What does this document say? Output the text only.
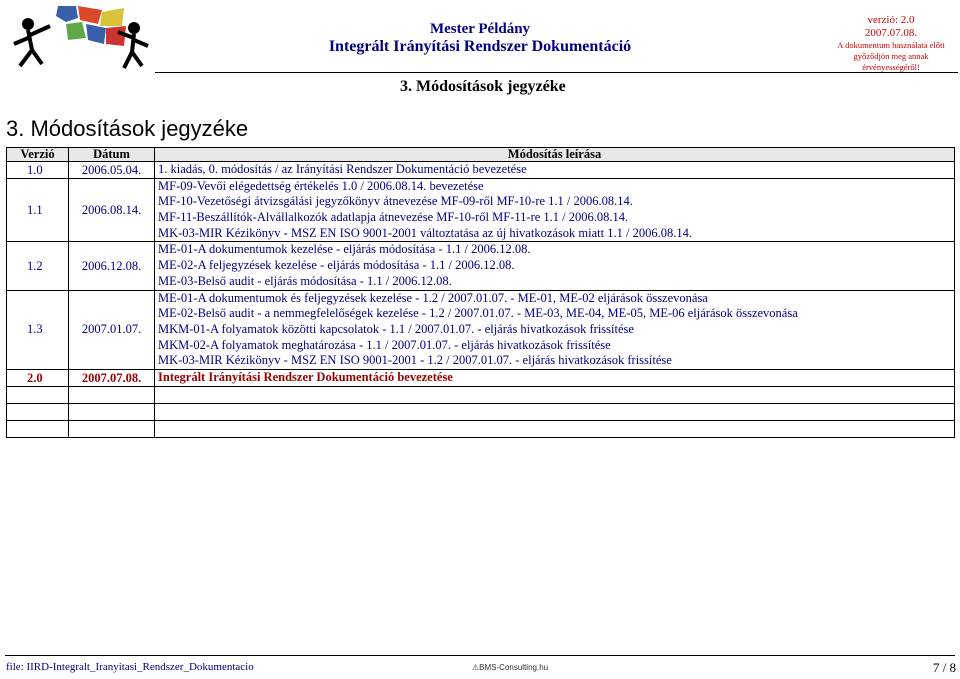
Mester Példány
Integrált Irányítási Rendszer Dokumentáció
verzió: 2.0
2007.07.08.
A dokumentum használata előtt
győződjön meg annak érvényességéről!
3. Módosítások jegyzéke
3. Módosítások jegyzéke
Verzió	Dátum	Módosítás leírása
1.0	2006.05.04.	1. kiadás, 0. módosítás / az Irányítási Rendszer Dokumentáció bevezetése

1.1	2006.08.14.	MF-09-Vevői elégedettség értékelés 1.0 / 2006.08.14. bevezetése
MF-10-Vezetőségi átvizsgálási jegyzőkönyv átnevezése MF-09-ről MF-10-re 1.1 / 2006.08.14.
MF-11-Beszállítók-Alvállalkozók adatlapja átnevezése MF-10-ről MF-11-re 1.1 / 2006.08.14.
MK-03-MIR Kézikönyv - MSZ EN ISO 9001-2001 változtatása az új hivatkozások miatt 1.1 / 2006.08.14.

1.2	2006.12.08.	ME-01-A dokumentumok kezelése - eljárás módosítása - 1.1 / 2006.12.08.
ME-02-A feljegyzések kezelése - eljárás módosítása - 1.1 / 2006.12.08.
ME-03-Belső audit - eljárás módosítása - 1.1 / 2006.12.08.

1.3	2007.01.07.	ME-01-A dokumentumok és feljegyzések kezelése - 1.2 / 2007.01.07. - ME-01, ME-02 eljárások összevonása
ME-02-Belső audit - a nemmegfelelőségek kezelése - 1.2 / 2007.01.07. - ME-03, ME-04, ME-05, ME-06 eljárások összevonása
MKM-01-A folyamatok közötti kapcsolatok - 1.1 / 2007.01.07. - eljárás hivatkozások frissítése
MKM-02-A folyamatok meghatározása - 1.1 / 2007.01.07. - eljárás hivatkozások frissítése
MK-03-MIR Kézikönyv - MSZ EN ISO 9001-2001 - 1.2 / 2007.01.07. - eljárás hivatkozások frissítése

2.0	2007.07.08.	Integrált Irányítási Rendszer Dokumentáció bevezetése

file: IIRD-Integralt_Iranyitasi_Rendszer_Dokumentacio	⚠BMS-Consulting.hu	7 / 8
